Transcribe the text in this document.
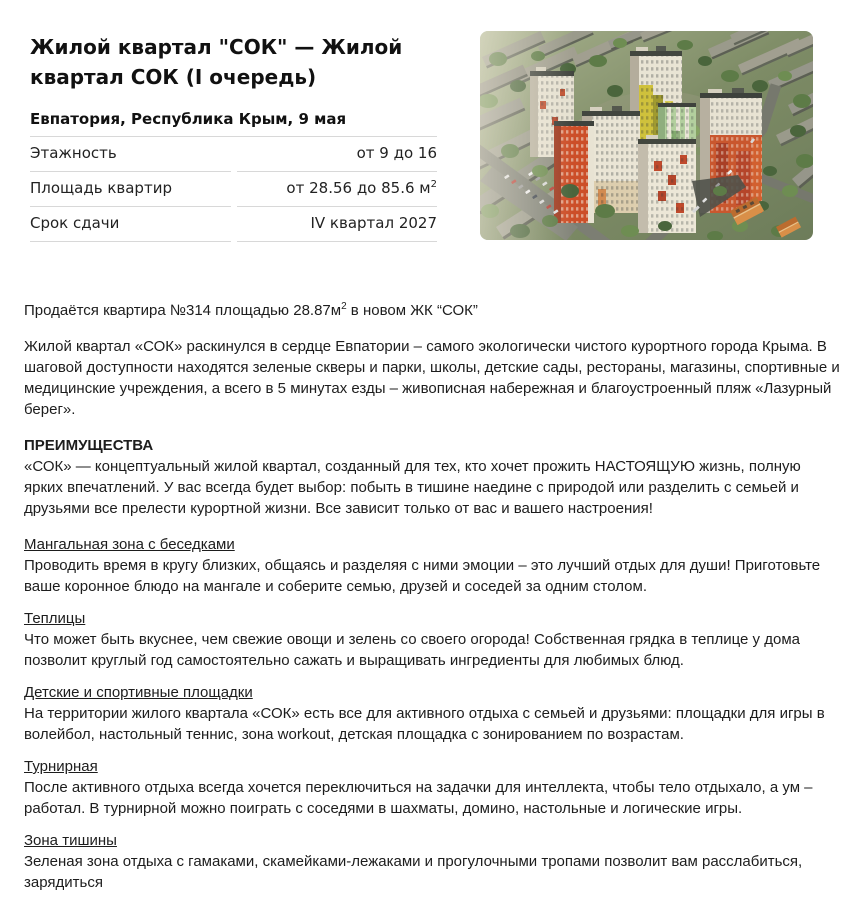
Жилой квартал "СОК" — Жилой квартал СОК (I очередь)
Евпатория, Республика Крым, 9 мая
Этажность	от 9 до 16
Площадь квартир	от 28.56 до 85.6 $м^2$
Срок сдачи	IV квартал 2027

Продаётся квартира №314 площадью $28.87м^2$ в новом ЖК “СОК”

Жилой квартал «СОК» раскинулся в сердце Евпатории – самого экологически чистого курортного города Крыма. В шаговой доступности находятся зеленые скверы и парки, школы, детские сады, рестораны, магазины, спортивные и медицинские учреждения, а всего в 5 минутах езды – живописная набережная и благоустроенный пляж «Лазурный берег».

ПРЕИМУЩЕСТВА

«СОК» — концептуальный жилой квартал, созданный для тех, кто хочет прожить НАСТОЯЩУЮ жизнь, полную ярких впечатлений. У вас всегда будет выбор: побыть в тишине наедине с природой или разделить с семьей и друзьями все прелести курортной жизни. Все зависит только от вас и вашего настроения!

Мангальная зона с беседками

Проводить время в кругу близких, общаясь и разделяя с ними эмоции – это лучший отдых для души! Приготовьте ваше коронное блюдо на мангале и соберите семью, друзей и соседей за одним столом.

Теплицы

Что может быть вкуснее, чем свежие овощи и зелень со своего огорода! Собственная грядка в теплице у дома позволит круглый год самостоятельно сажать и выращивать ингредиенты для любимых блюд.

Детские и спортивные площадки

На территории жилого квартала «СОК» есть все для активного отдыха с семьей и друзьями: площадки для игры в волейбол, настольный теннис, зона workout, детская площадка с зонированием по возрастам.

Турнирная

После активного отдыха всегда хочется переключиться на задачки для интеллекта, чтобы тело отдыхало, а ум – работал. В турнирной можно поиграть с соседями в шахматы, домино, настольные и логические игры.

Зона тишины

Зеленая зона отдыха с гамаками, скамейками-лежаками и прогулочными тропами позволит вам расслабиться, зарядиться
